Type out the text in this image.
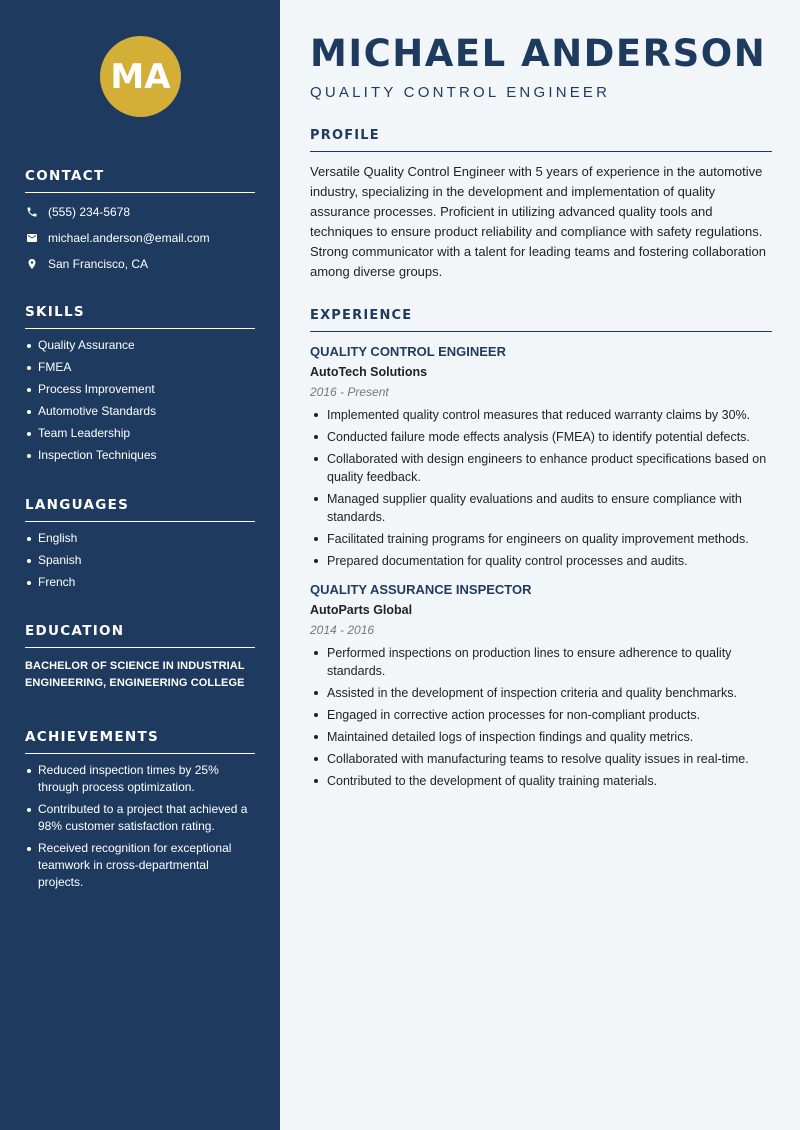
MA
CONTACT
(555) 234-5678
michael.anderson@email.com
San Francisco, CA
SKILLS
Quality Assurance
FMEA
Process Improvement
Automotive Standards
Team Leadership
Inspection Techniques
LANGUAGES
English
Spanish
French
EDUCATION

BACHELOR OF SCIENCE IN INDUSTRIAL ENGINEERING, ENGINEERING COLLEGE

ACHIEVEMENTS
Reduced inspection times by 25% through process optimization.
Contributed to a project that achieved a 98% customer satisfaction rating.
Received recognition for exceptional teamwork in cross-departmental projects.
MICHAEL ANDERSON
QUALITY CONTROL ENGINEER
PROFILE

Versatile Quality Control Engineer with 5 years of experience in the automotive industry, specializing in the development and implementation of quality assurance processes. Proficient in utilizing advanced quality tools and techniques to ensure product reliability and compliance with safety regulations. Strong communicator with a talent for leading teams and fostering collaboration among diverse groups.

EXPERIENCE
QUALITY CONTROL ENGINEER
AutoTech Solutions
2016 - Present
Implemented quality control measures that reduced warranty claims by 30%.
Conducted failure mode effects analysis (FMEA) to identify potential defects.
Collaborated with design engineers to enhance product specifications based on quality feedback.
Managed supplier quality evaluations and audits to ensure compliance with standards.
Facilitated training programs for engineers on quality improvement methods.
Prepared documentation for quality control processes and audits.
QUALITY ASSURANCE INSPECTOR
AutoParts Global
2014 - 2016
Performed inspections on production lines to ensure adherence to quality standards.
Assisted in the development of inspection criteria and quality benchmarks.
Engaged in corrective action processes for non-compliant products.
Maintained detailed logs of inspection findings and quality metrics.
Collaborated with manufacturing teams to resolve quality issues in real-time.
Contributed to the development of quality training materials.
